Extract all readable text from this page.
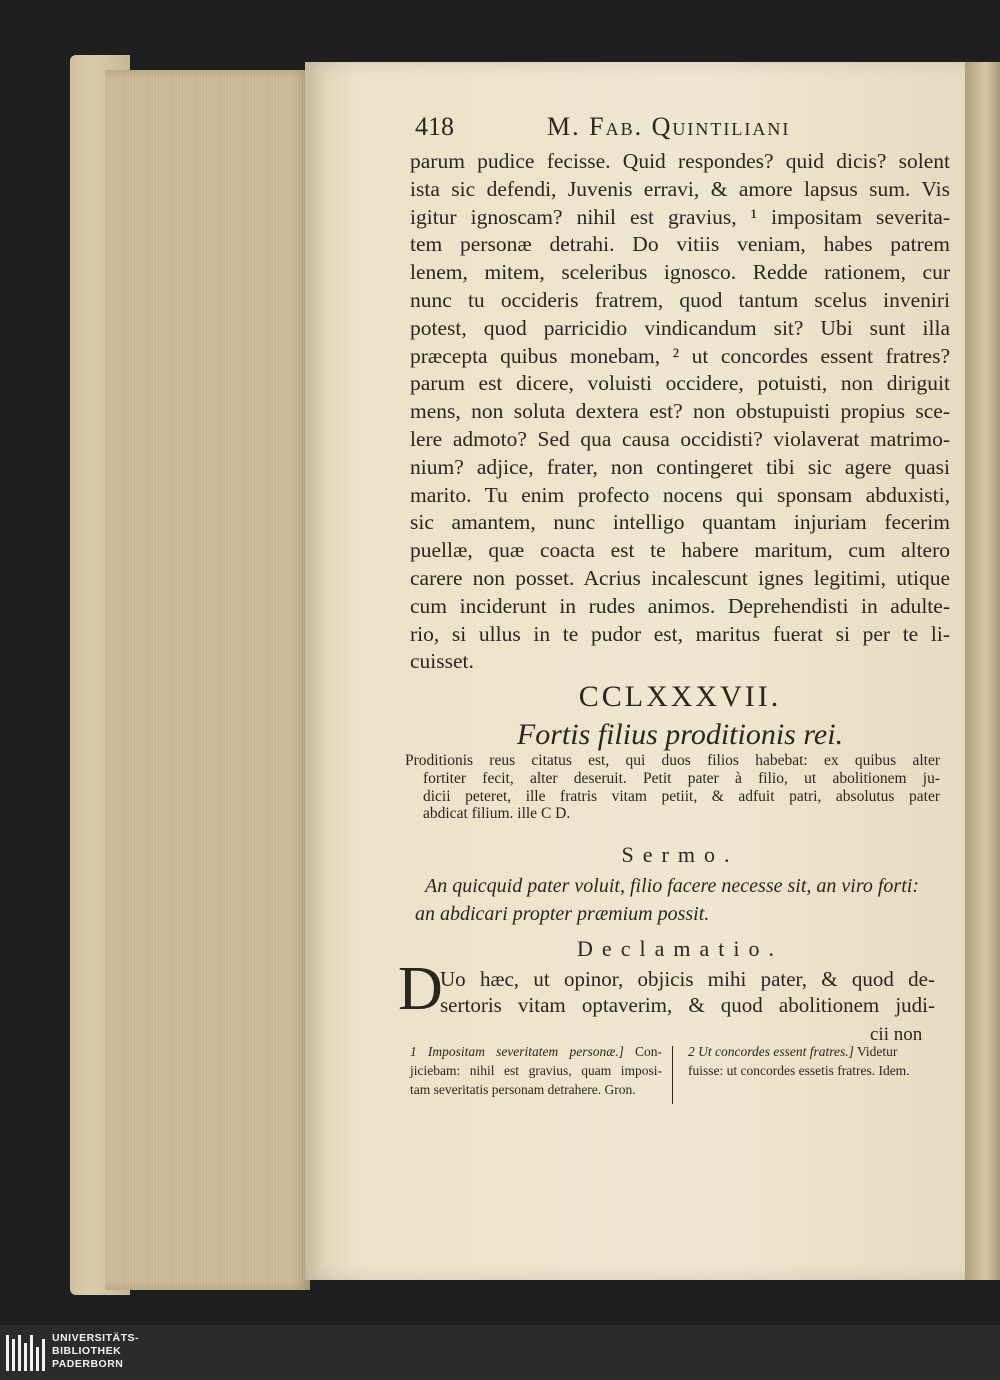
418	M. Fab. Quintiliani

parum pudice fecisse. Quid respondes? quid dicis? solent

ista sic defendi, Juvenis erravi, & amore lapsus sum. Vis

igitur ignoscam? nihil est gravius, ¹ impositam severita-

tem personæ detrahi. Do vitiis veniam, habes patrem

lenem, mitem, sceleribus ignosco. Redde rationem, cur

nunc tu occideris fratrem, quod tantum scelus inveniri

potest, quod parricidio vindicandum sit? Ubi sunt illa

præcepta quibus monebam, ² ut concordes essent fratres?

parum est dicere, voluisti occidere, potuisti, non diriguit

mens, non soluta dextera est? non obstupuisti propius sce-

lere admoto? Sed qua causa occidisti? violaverat matrimo-

nium? adjice, frater, non contingeret tibi sic agere quasi

marito. Tu enim profecto nocens qui sponsam abduxisti,

sic amantem, nunc intelligo quantam injuriam fecerim

puellæ, quæ coacta est te habere maritum, cum altero

carere non posset. Acrius incalescunt ignes legitimi, utique

cum inciderunt in rudes animos. Deprehendisti in adulte-

rio, si ullus in te pudor est, maritus fuerat si per te li-

cuisset.

CCLXXXVII.
Fortis filius proditionis rei.

Proditionis reus citatus est, qui duos filios habebat: ex quibus alter

fortiter fecit, alter deseruit. Petit pater à filio, ut abolitionem ju-

dicii peteret, ille fratris vitam petiit, & adfuit patri, absolutus pater

abdicat filium. ille C D.

Sermo.

An quicquid pater voluit, filio facere necesse sit, an viro forti:

an abdicari propter præmium possit.

Declamatio.
D

Uo hæc, ut opinor, objicis mihi pater, & quod de-

sertoris vitam optaverim, & quod abolitionem judi-

cii non

1 Impositam severitatem personæ.] Con-

jiciebam: nihil est gravius, quam imposi-

tam severitatis personam detrahere. Gron.

2 Ut concordes essent fratres.] Videtur

fuisse: ut concordes essetis fratres. Idem.

UNIVERSITÄTS-
BIBLIOTHEK
PADERBORN
